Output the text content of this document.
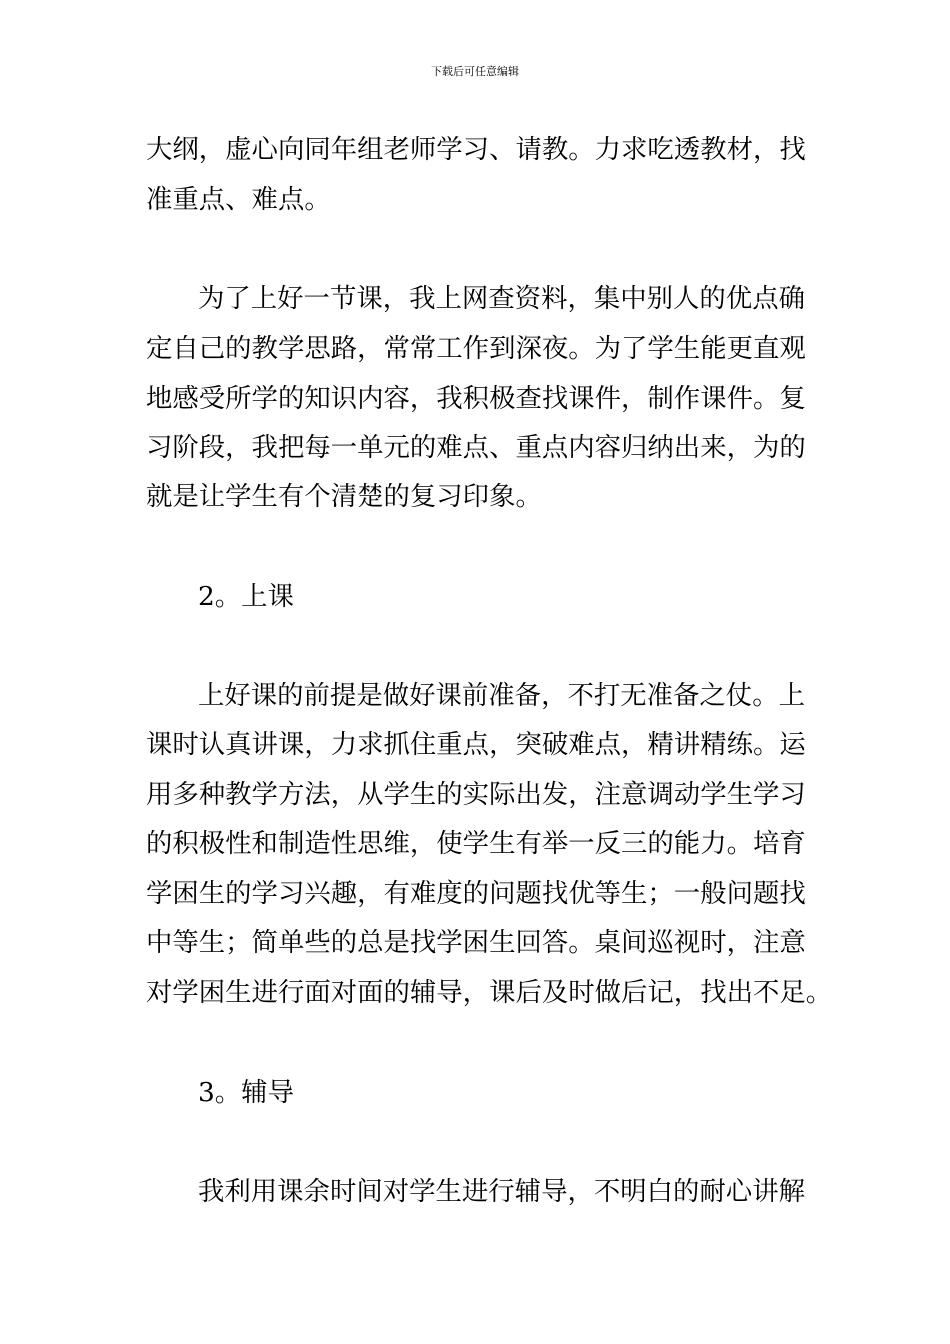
下载后可任意编辑
大纲，虚心向同年组老师学习、请教。力求吃透教材，找
准重点、难点。
为了上好一节课，我上网查资料，集中别人的优点确
定自己的教学思路，常常工作到深夜。为了学生能更直观
地感受所学的知识内容，我积极查找课件，制作课件。复
习阶段，我把每一单元的难点、重点内容归纳出来，为的
就是让学生有个清楚的复习印象。
2。上课
上好课的前提是做好课前准备，不打无准备之仗。上
课时认真讲课，力求抓住重点，突破难点，精讲精练。运
用多种教学方法，从学生的实际出发，注意调动学生学习
的积极性和制造性思维，使学生有举一反三的能力。培育
学困生的学习兴趣，有难度的问题找优等生；一般问题找
中等生；简单些的总是找学困生回答。桌间巡视时，注意
对学困生进行面对面的辅导，课后及时做后记，找出不足。
3。辅导
我利用课余时间对学生进行辅导，不明白的耐心讲解
